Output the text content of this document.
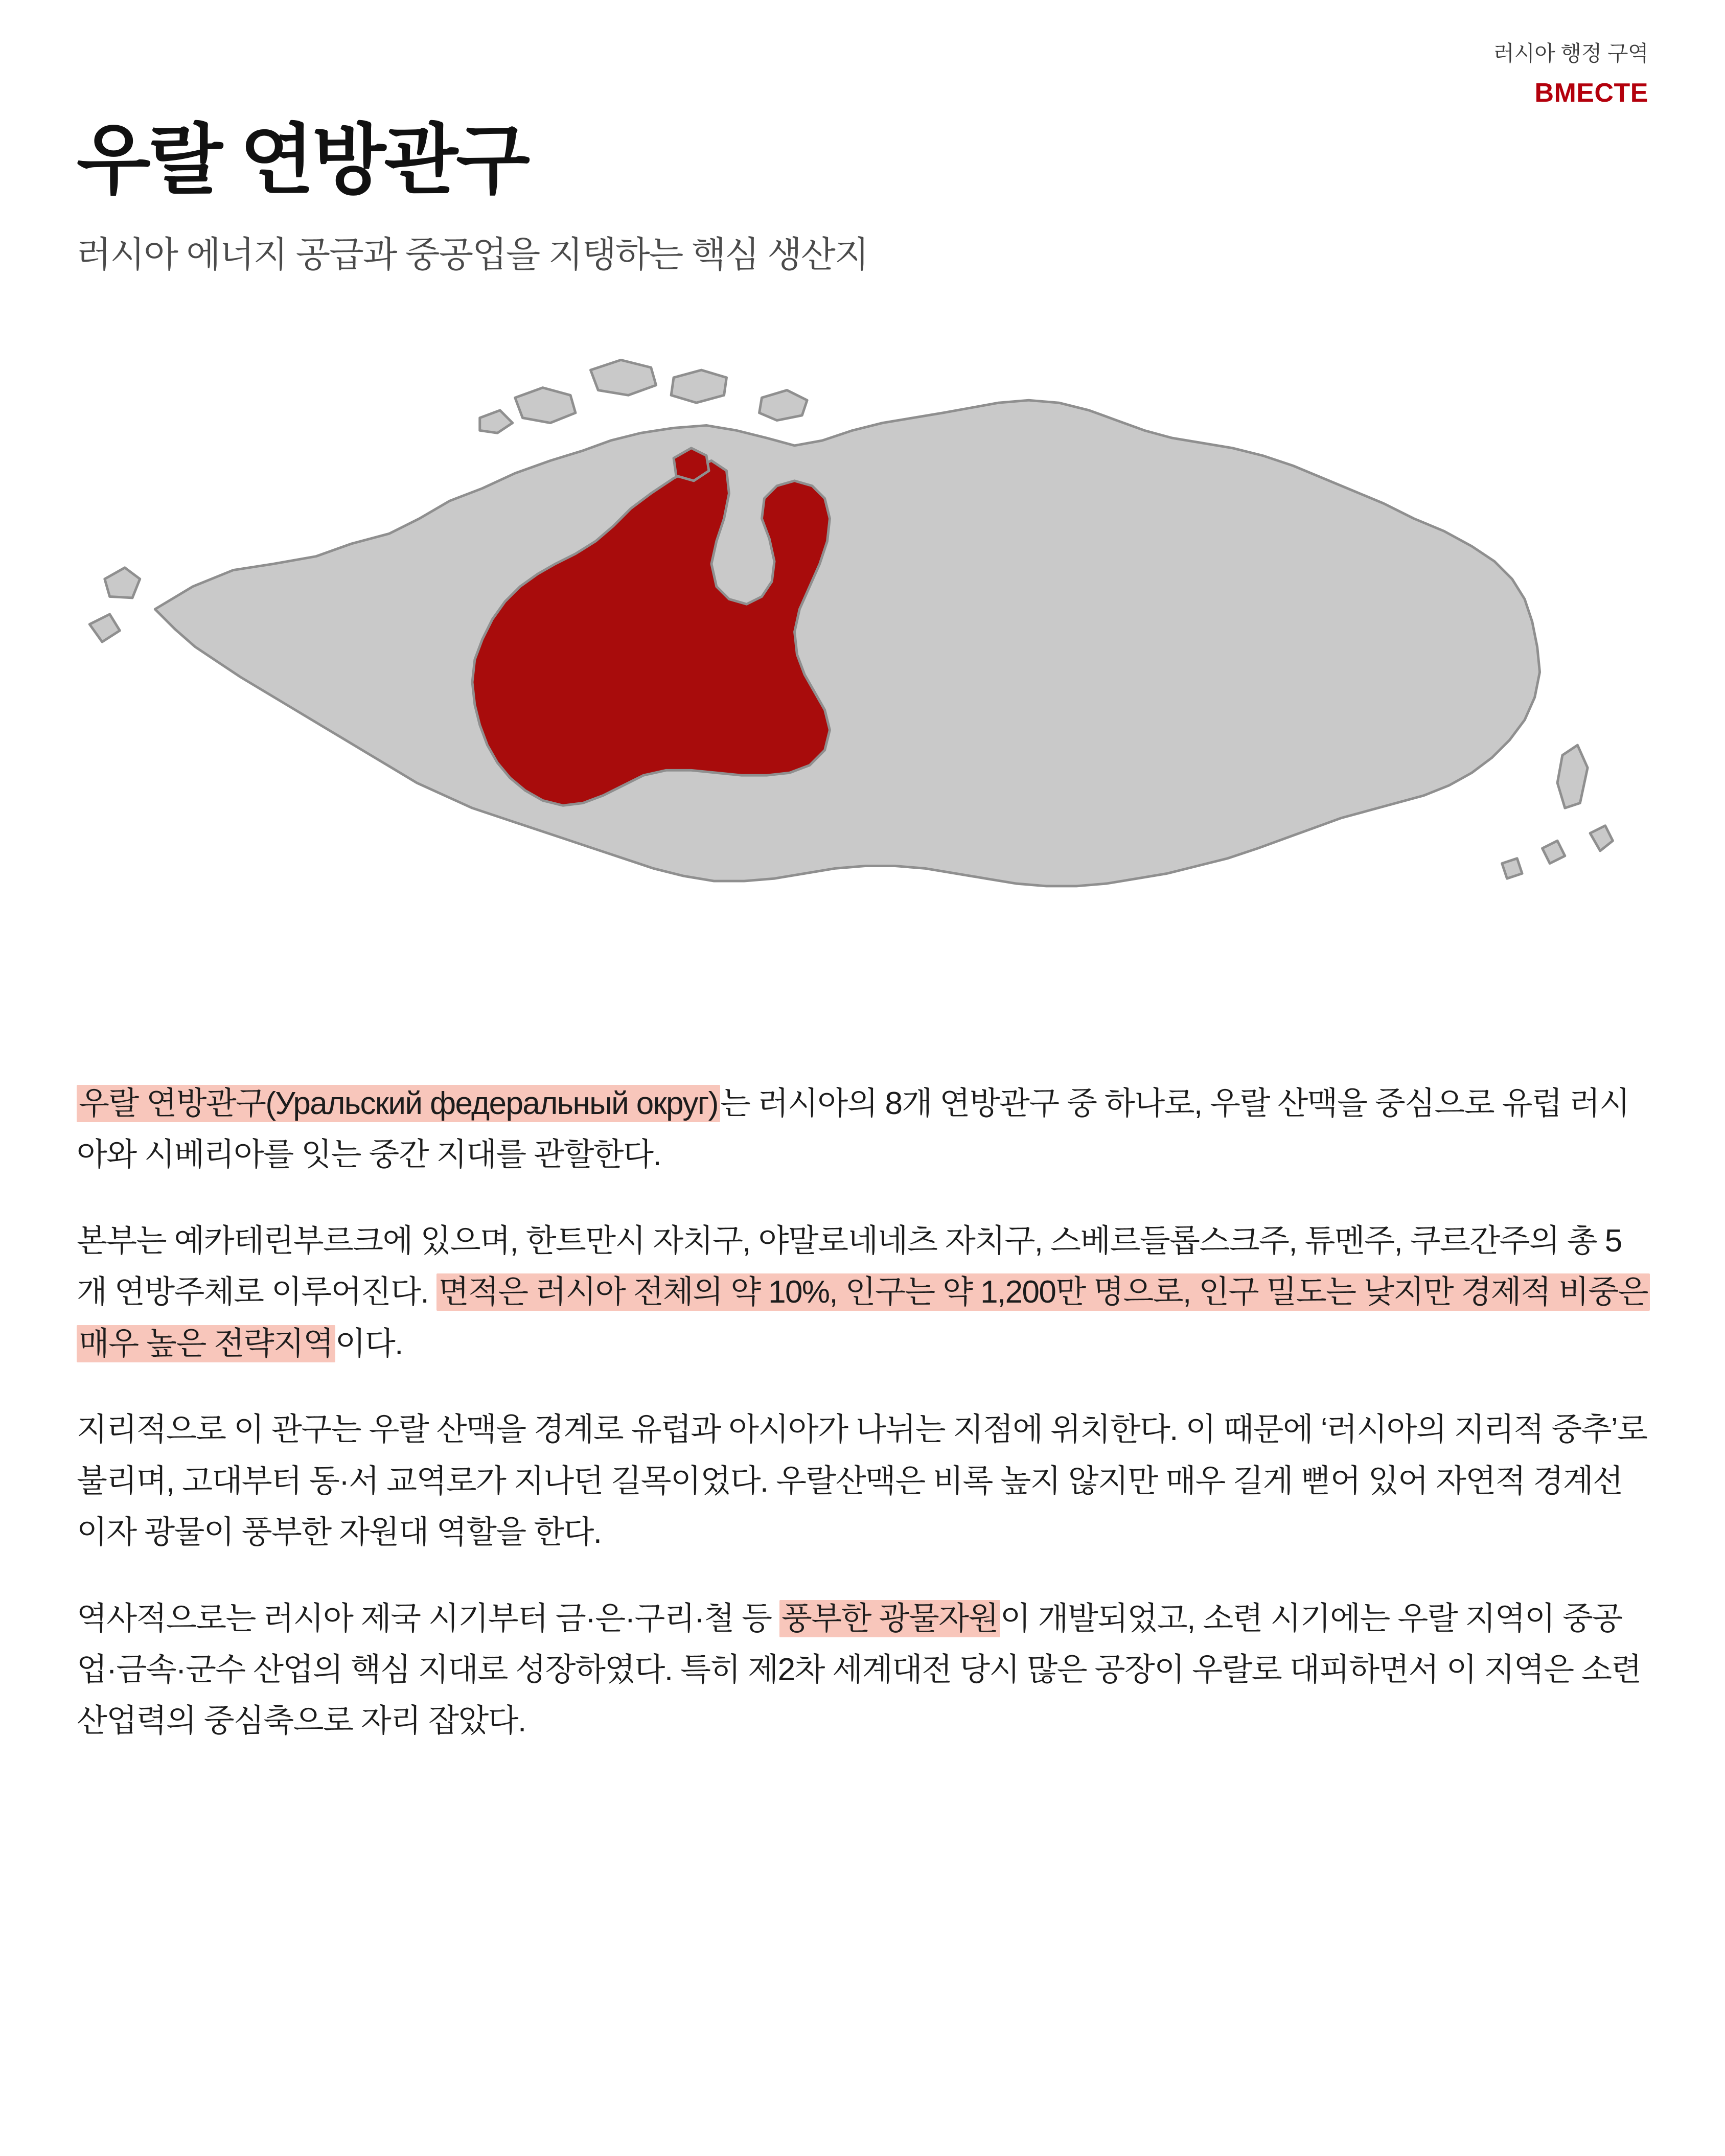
러시아 행정 구역
BMECTE
우랄 연방관구
러시아 에너지 공급과 중공업을 지탱하는 핵심 생산지

우랄 연방관구(Уральский федеральный округ)는 러시아의 8개 연방관구 중 하나로, 우랄 산맥을 중심으로 유럽 러시아와 시베리아를 잇는 중간 지대를 관할한다.

본부는 예카테린부르크에 있으며, 한트만시 자치구, 야말로네네츠 자치구, 스베르들롭스크주, 튜멘주, 쿠르간주의 총 5개 연방주체로 이루어진다. 면적은 러시아 전체의 약 10%, 인구는 약 1,200만 명으로, 인구 밀도는 낮지만 경제적 비중은 매우 높은 전략지역이다.

지리적으로 이 관구는 우랄 산맥을 경계로 유럽과 아시아가 나뉘는 지점에 위치한다. 이 때문에 ‘러시아의 지리적 중추’로 불리며, 고대부터 동·서 교역로가 지나던 길목이었다. 우랄산맥은 비록 높지 않지만 매우 길게 뻗어 있어 자연적 경계선이자 광물이 풍부한 자원대 역할을 한다.

역사적으로는 러시아 제국 시기부터 금·은·구리·철 등 풍부한 광물자원이 개발되었고, 소련 시기에는 우랄 지역이 중공업·금속·군수 산업의 핵심 지대로 성장하였다. 특히 제2차 세계대전 당시 많은 공장이 우랄로 대피하면서 이 지역은 소련 산업력의 중심축으로 자리 잡았다.
